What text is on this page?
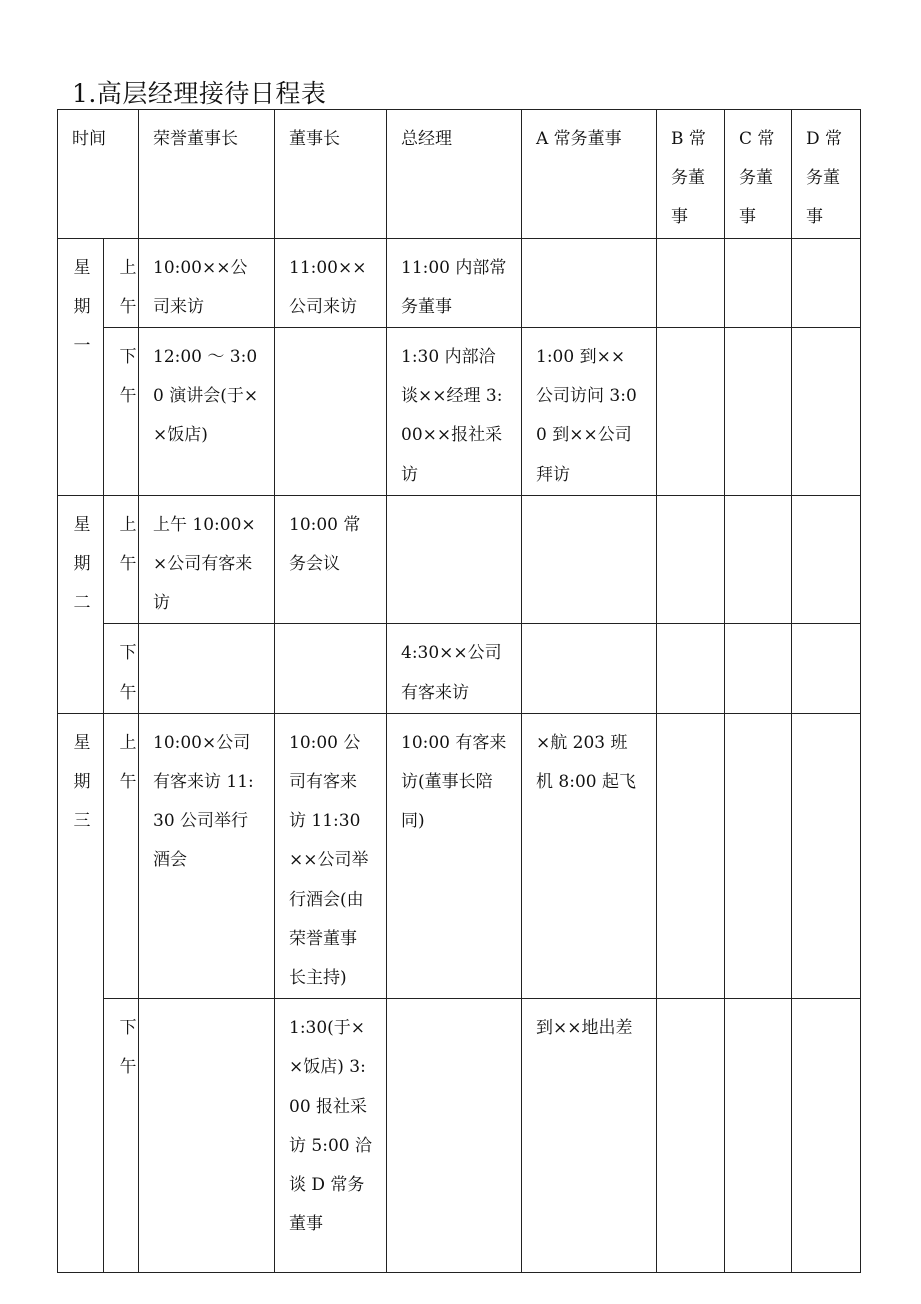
1.高层经理接待日程表
时间		荣誉董事长	董事长	总经理	A 常务董事	B 常务董事	C 常务董事	D 常务董事
星期一	上午	10:00××公司来访	11:00××公司来访	11:00 内部常务董事				
	下午	12:00 ～ 3:00 演讲会(于××饭店)		1:30 内部洽谈××经理 3:00××报社采访	1:00 到××公司访问 3:00 到××公司拜访			
星期二	上午	上午 10:00××公司有客来访	10:00 常务会议					
	下午			4:30××公司有客来访				
星期三	上午	10:00×公司有客来访 11:30 公司举行酒会	10:00 公司有客来访 11:30××公司举行酒会(由荣誉董事长主持)	10:00 有客来访(董事长陪同)	×航 203 班机 8:00 起飞			
	下午		1:30(于××饭店) 3:00 报社采访 5:00 洽谈 D 常务董事		到××地出差			
